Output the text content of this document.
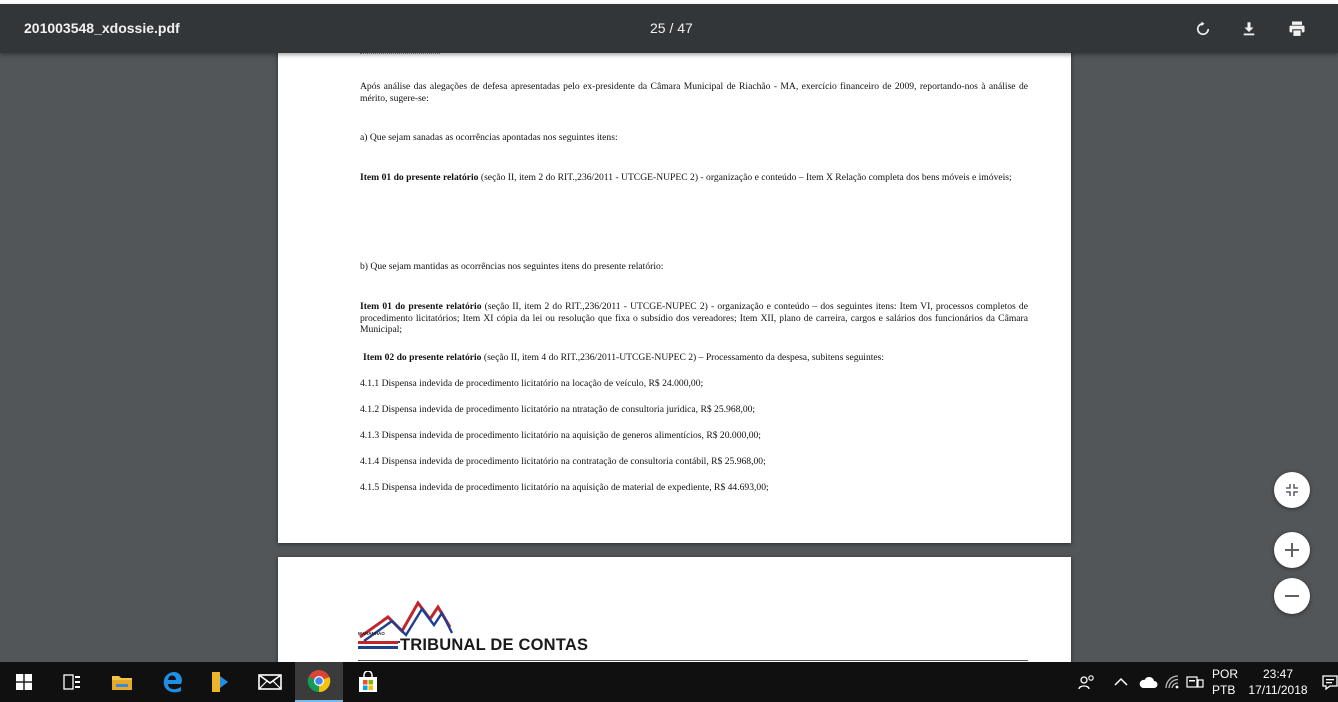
201003548_xdossie.pdf	25 / 47
Após análise das alegações de defesa apresentadas pelo ex-presidente da Câmara Municipal de Riachão - MA, exercício financeiro de 2009, reportando-nos à análise de mérito, sugere-se:
a) Que sejam sanadas as ocorrências apontadas nos seguintes itens:
Item 01 do presente relatório (seção II, item 2 do RIT.,236/2011 - UTCGE-NUPEC 2) - organização e conteúdo – Item X Relação completa dos bens móveis e imóveis;
b) Que sejam mantidas as ocorrências nos seguintes itens do presente relatório:
Item 01 do presente relatório (seção II, item 2 do RIT.,236/2011 - UTCGE-NUPEC 2) - organização e conteúdo – dos seguintes itens: Item VI, processos completos de procedimento licitatórios; Item XI cópia da lei ou resolução que fixa o subsídio dos vereadores; Item XII, plano de carreira, cargos e salários dos funcionários da Câmara Municipal;
Item 02 do presente relatório (seção II, item 4 do RIT.,236/2011-UTCGE-NUPEC 2) – Processamento da despesa, subitens seguintes:
4.1.1 Dispensa indevida de procedimento licitatório na locação de veículo, R$ 24.000,00;
4.1.2 Dispensa indevida de procedimento licitatório na ntratação de consultoria jurídica, R$ 25.968,00;
4.1.3 Dispensa indevida de procedimento licitatório na aquisição de generos alimentícios, R$ 20.000,00;
4.1.4 Dispensa indevida de procedimento licitatório na contratação de consultoria contábil, R$ 25.968,00;
4.1.5 Dispensa indevida de procedimento licitatório na aquisição de material de expediente, R$ 44.693,00;
MARANHÃO
TRIBUNAL DE CONTAS
POR
PTB
23:47
17/11/2018
